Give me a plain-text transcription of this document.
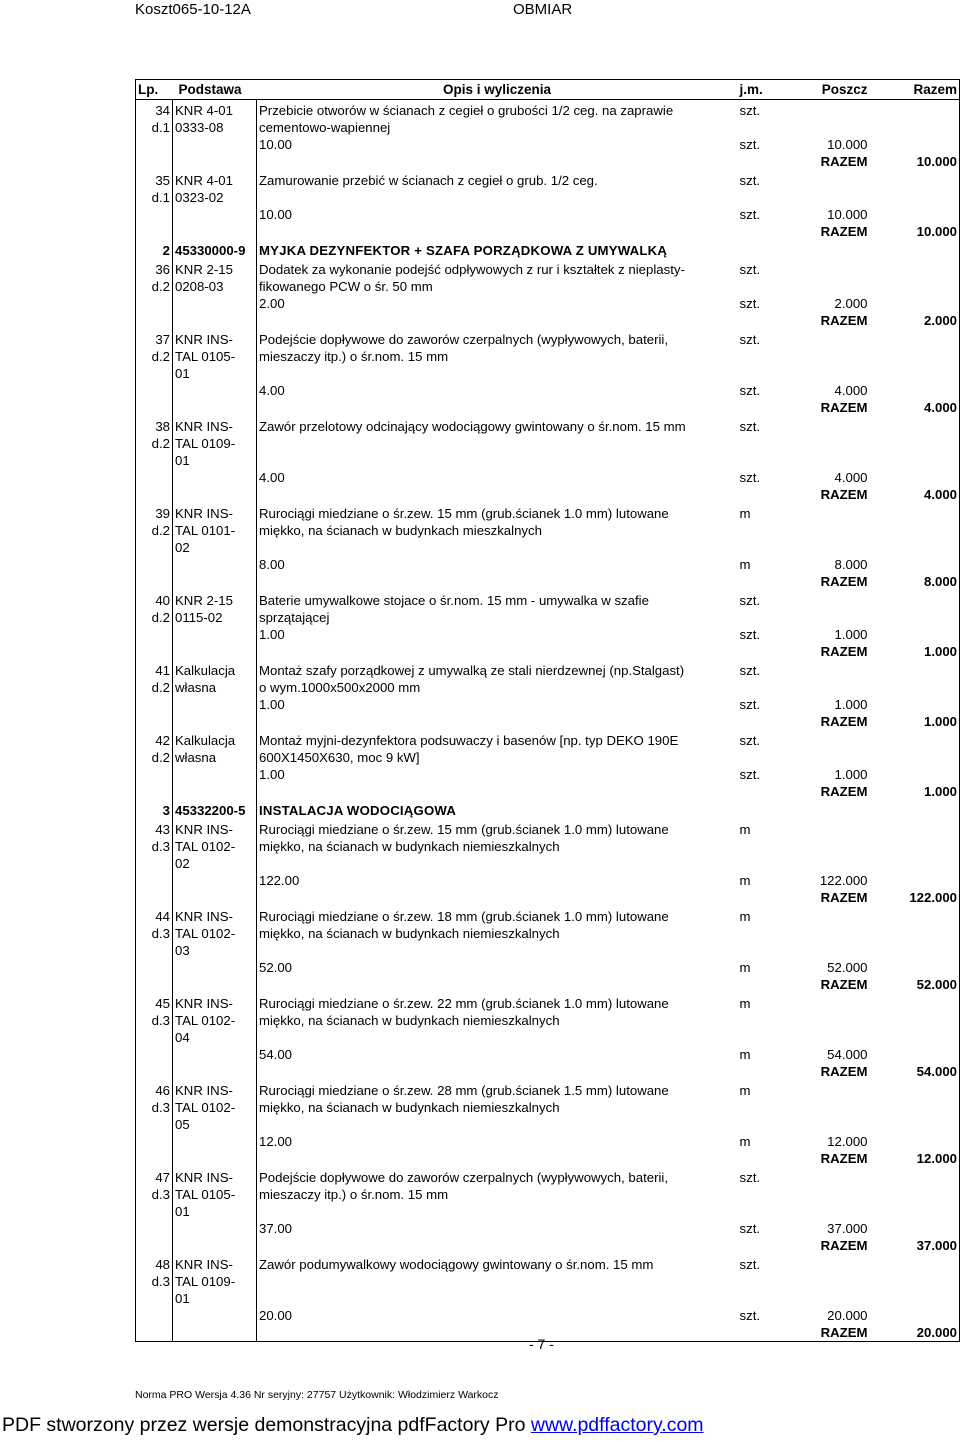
Koszt065-10-12A	OBMIAR
Lp.	Podstawa	Opis i wyliczenia	j.m.	Poszcz	Razem
34	KNR 4-01	Przebicie otworów w ścianach z cegieł o grubości 1/2 ceg. na zaprawie	szt.		
d.1	0333-08	cementowo-wapiennej			
		10.00	szt.	10.000	
				RAZEM	10.000
35	KNR 4-01	Zamurowanie przebić w ścianach z cegieł o grub. 1/2 ceg.	szt.		
d.1	0323-02				
		10.00	szt.	10.000	
				RAZEM	10.000
2	45330000-9	MYJKA DEZYNFEKTOR + SZAFA PORZĄDKOWA Z UMYWALKĄ			
36	KNR 2-15	Dodatek za wykonanie podejść odpływowych z rur i kształtek z nieplasty-	szt.		
d.2	0208-03	fikowanego PCW o śr. 50 mm			
		2.00	szt.	2.000	
				RAZEM	2.000
37	KNR INS-	Podejście dopływowe do zaworów czerpalnych (wypływowych, baterii,	szt.		
d.2	TAL 0105-	mieszaczy itp.) o śr.nom. 15 mm			
	01				
		4.00	szt.	4.000	
				RAZEM	4.000
38	KNR INS-	Zawór przelotowy odcinający wodociągowy gwintowany o śr.nom. 15 mm	szt.		
d.2	TAL 0109-				
	01				
		4.00	szt.	4.000	
				RAZEM	4.000
39	KNR INS-	Rurociągi miedziane o śr.zew. 15 mm (grub.ścianek 1.0 mm) lutowane	m		
d.2	TAL 0101-	miękko, na ścianach w budynkach mieszkalnych			
	02				
		8.00	m	8.000	
				RAZEM	8.000
40	KNR 2-15	Baterie umywalkowe stojace o śr.nom. 15 mm - umywalka w szafie	szt.		
d.2	0115-02	sprzątającej			
		1.00	szt.	1.000	
				RAZEM	1.000
41	Kalkulacja	Montaż szafy porządkowej z umywalką ze stali nierdzewnej (np.Stalgast)	szt.		
d.2	własna	o wym.1000x500x2000 mm			
		1.00	szt.	1.000	
				RAZEM	1.000
42	Kalkulacja	Montaż myjni-dezynfektora podsuwaczy i basenów [np. typ DEKO 190E	szt.		
d.2	własna	600X1450X630, moc 9 kW]			
		1.00	szt.	1.000	
				RAZEM	1.000
3	45332200-5	INSTALACJA WODOCIĄGOWA			
43	KNR INS-	Rurociągi miedziane o śr.zew. 15 mm (grub.ścianek 1.0 mm) lutowane	m		
d.3	TAL 0102-	miękko, na ścianach w budynkach niemieszkalnych			
	02				
		122.00	m	122.000	
				RAZEM	122.000
44	KNR INS-	Rurociągi miedziane o śr.zew. 18 mm (grub.ścianek 1.0 mm) lutowane	m		
d.3	TAL 0102-	miękko, na ścianach w budynkach niemieszkalnych			
	03				
		52.00	m	52.000	
				RAZEM	52.000
45	KNR INS-	Rurociągi miedziane o śr.zew. 22 mm (grub.ścianek 1.0 mm) lutowane	m		
d.3	TAL 0102-	miękko, na ścianach w budynkach niemieszkalnych			
	04				
		54.00	m	54.000	
				RAZEM	54.000
46	KNR INS-	Rurociągi miedziane o śr.zew. 28 mm (grub.ścianek 1.5 mm) lutowane	m		
d.3	TAL 0102-	miękko, na ścianach w budynkach niemieszkalnych			
	05				
		12.00	m	12.000	
				RAZEM	12.000
47	KNR INS-	Podejście dopływowe do zaworów czerpalnych (wypływowych, baterii,	szt.		
d.3	TAL 0105-	mieszaczy itp.) o śr.nom. 15 mm			
	01				
		37.00	szt.	37.000	
				RAZEM	37.000
48	KNR INS-	Zawór podumywalkowy wodociągowy gwintowany o śr.nom. 15 mm	szt.		
d.3	TAL 0109-				
	01				
		20.00	szt.	20.000	
				RAZEM	20.000
- 7 -
Norma PRO Wersja 4.36 Nr seryjny: 27757 Użytkownik: Włodzimierz Warkocz
PDF stworzony przez wersje demonstracyjna pdfFactory Pro www.pdffactory.com
